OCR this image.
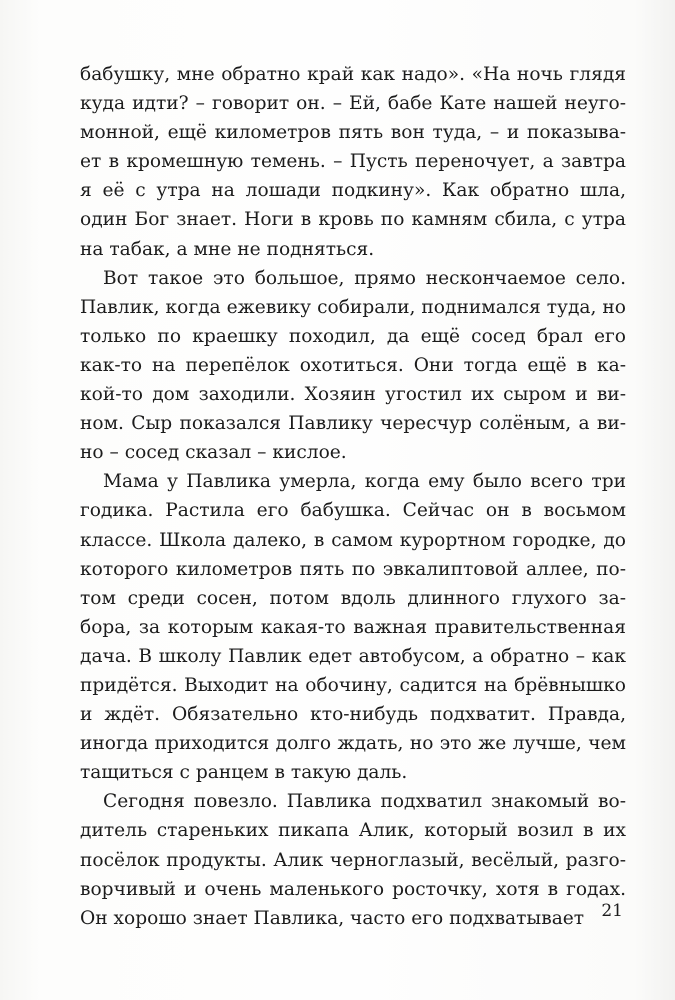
бабушку, мне обратно край как надо». «На ночь глядя
куда идти? – говорит он. – Ей, бабе Кате нашей неуго-
монной, ещё километров пять вон туда, – и показыва-
ет в кромешную темень. – Пусть переночует, а завтра
я её с утра на лошади подкину». Как обратно шла,
один Бог знает. Ноги в кровь по камням сбила, с утра
на табак, а мне не подняться.
Вот такое это большое, прямо нескончаемое село.
Павлик, когда ежевику собирали, поднимался туда, но
только по краешку походил, да ещё сосед брал его
как-то на перепёлок охотиться. Они тогда ещё в ка-
кой-то дом заходили. Хозяин угостил их сыром и ви-
ном. Сыр показался Павлику чересчур солёным, а ви-
но – сосед сказал – кислое.
Мама у Павлика умерла, когда ему было всего три
годика. Растила его бабушка. Сейчас он в восьмом
классе. Школа далеко, в самом курортном городке, до
которого километров пять по эвкалиптовой аллее, по-
том среди сосен, потом вдоль длинного глухого за-
бора, за которым какая-то важная правительственная
дача. В школу Павлик едет автобусом, а обратно – как
придётся. Выходит на обочину, садится на брёвнышко
и ждёт. Обязательно кто-нибудь подхватит. Правда,
иногда приходится долго ждать, но это же лучше, чем
тащиться с ранцем в такую даль.
Сегодня повезло. Павлика подхватил знакомый во-
дитель стареньких пикапа Алик, который возил в их
посёлок продукты. Алик черноглазый, весёлый, разго-
ворчивый и очень маленького росточку, хотя в годах.
Он хорошо знает Павлика, часто его подхватывает	21
